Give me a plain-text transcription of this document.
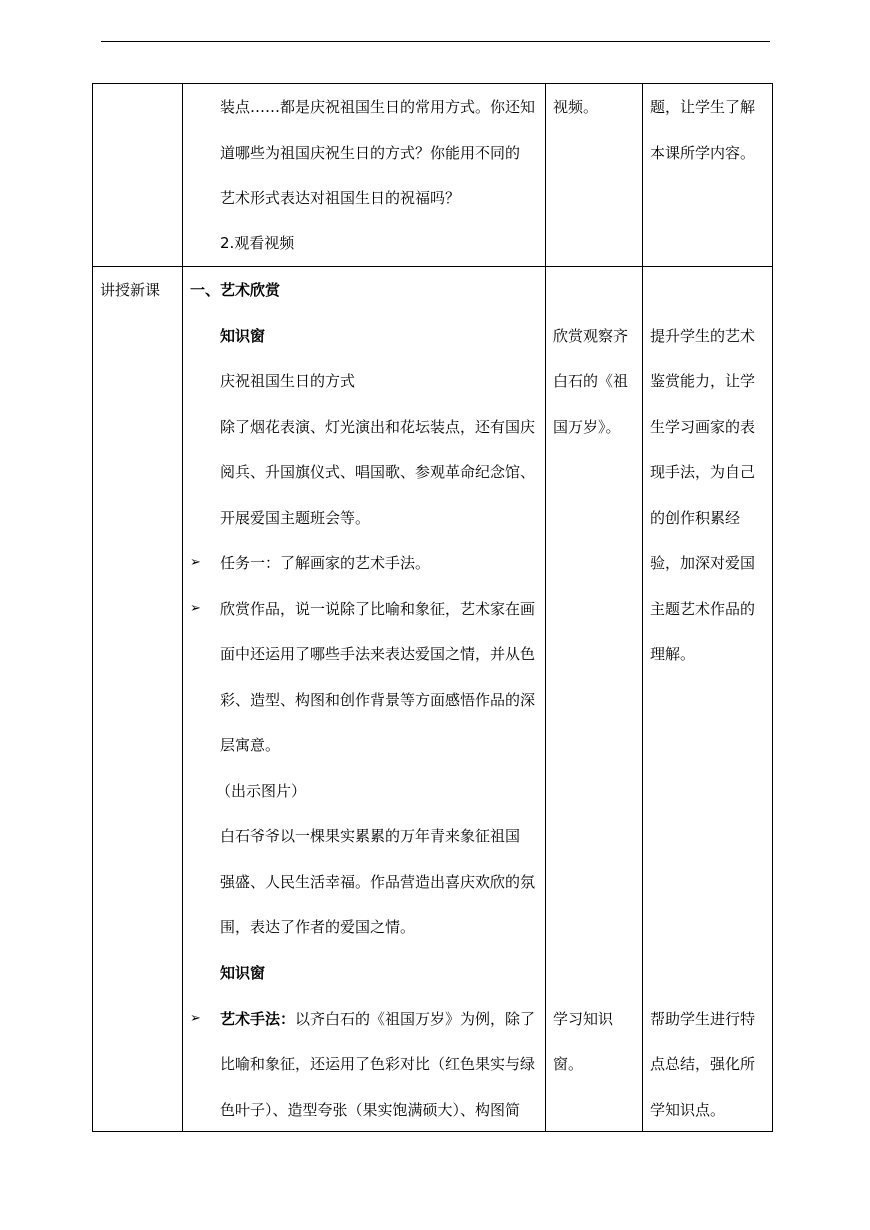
装点……都是庆祝祖国生日的常用方式。你还知
道哪些为祖国庆祝生日的方式？你能用不同的
艺术形式表达对祖国生日的祝福吗？
2.观看视频
视频。	题，让学生了解
本课所学内容。
讲授新课 一、艺术欣赏
知识窗
庆祝祖国生日的方式
除了烟花表演、灯光演出和花坛装点，还有国庆
阅兵、升国旗仪式、唱国歌、参观革命纪念馆、
开展爱国主题班会等。
➢ 任务一：了解画家的艺术手法。
➢ 欣赏作品，说一说除了比喻和象征，艺术家在画
面中还运用了哪些手法来表达爱国之情，并从色
彩、造型、构图和创作背景等方面感悟作品的深
层寓意。
（出示图片）
白石爷爷以一棵果实累累的万年青来象征祖国
强盛、人民生活幸福。作品营造出喜庆欢欣的氛
围，表达了作者的爱国之情。
知识窗
➢ 艺术手法：以齐白石的《祖国万岁》为例，除了
比喻和象征，还运用了色彩对比（红色果实与绿
色叶子）、造型夸张（果实饱满硕大）、构图简
欣赏观察齐
白石的《祖
国万岁》。
学习知识
窗。
提升学生的艺术
鉴赏能力，让学
生学习画家的表
现手法，为自己
的创作积累经
验，加深对爱国
主题艺术作品的
理解。
帮助学生进行特
点总结，强化所
学知识点。
